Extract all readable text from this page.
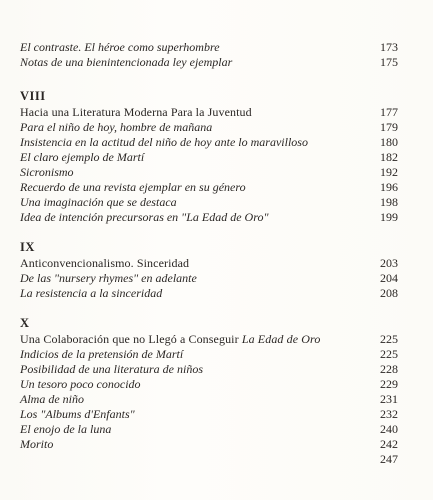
El contraste. El héroe como superhombre	173
Notas de una bienintencionada ley ejemplar	175
VIII
Hacia una Literatura Moderna Para la Juventud	177
Para el niño de hoy, hombre de mañana	179
Insistencia en la actitud del niño de hoy ante lo maravilloso	180
El claro ejemplo de Martí	182
Sicronismo	192
Recuerdo de una revista ejemplar en su género	196
Una imaginación que se destaca	198
Idea de intención precursoras en "La Edad de Oro"	199
IX
Anticonvencionalismo. Sinceridad	203
De las "nursery rhymes" en adelante	204
La resistencia a la sinceridad	208
X
Una Colaboración que no Llegó a Conseguir La Edad de Oro	225
Indicios de la pretensión de Martí	225
Posibilidad de una literatura de niños	228
Un tesoro poco conocido	229
Alma de niño	231
Los "Albums d'Enfants"	232
El enojo de la luna	240
Morito	242
247
